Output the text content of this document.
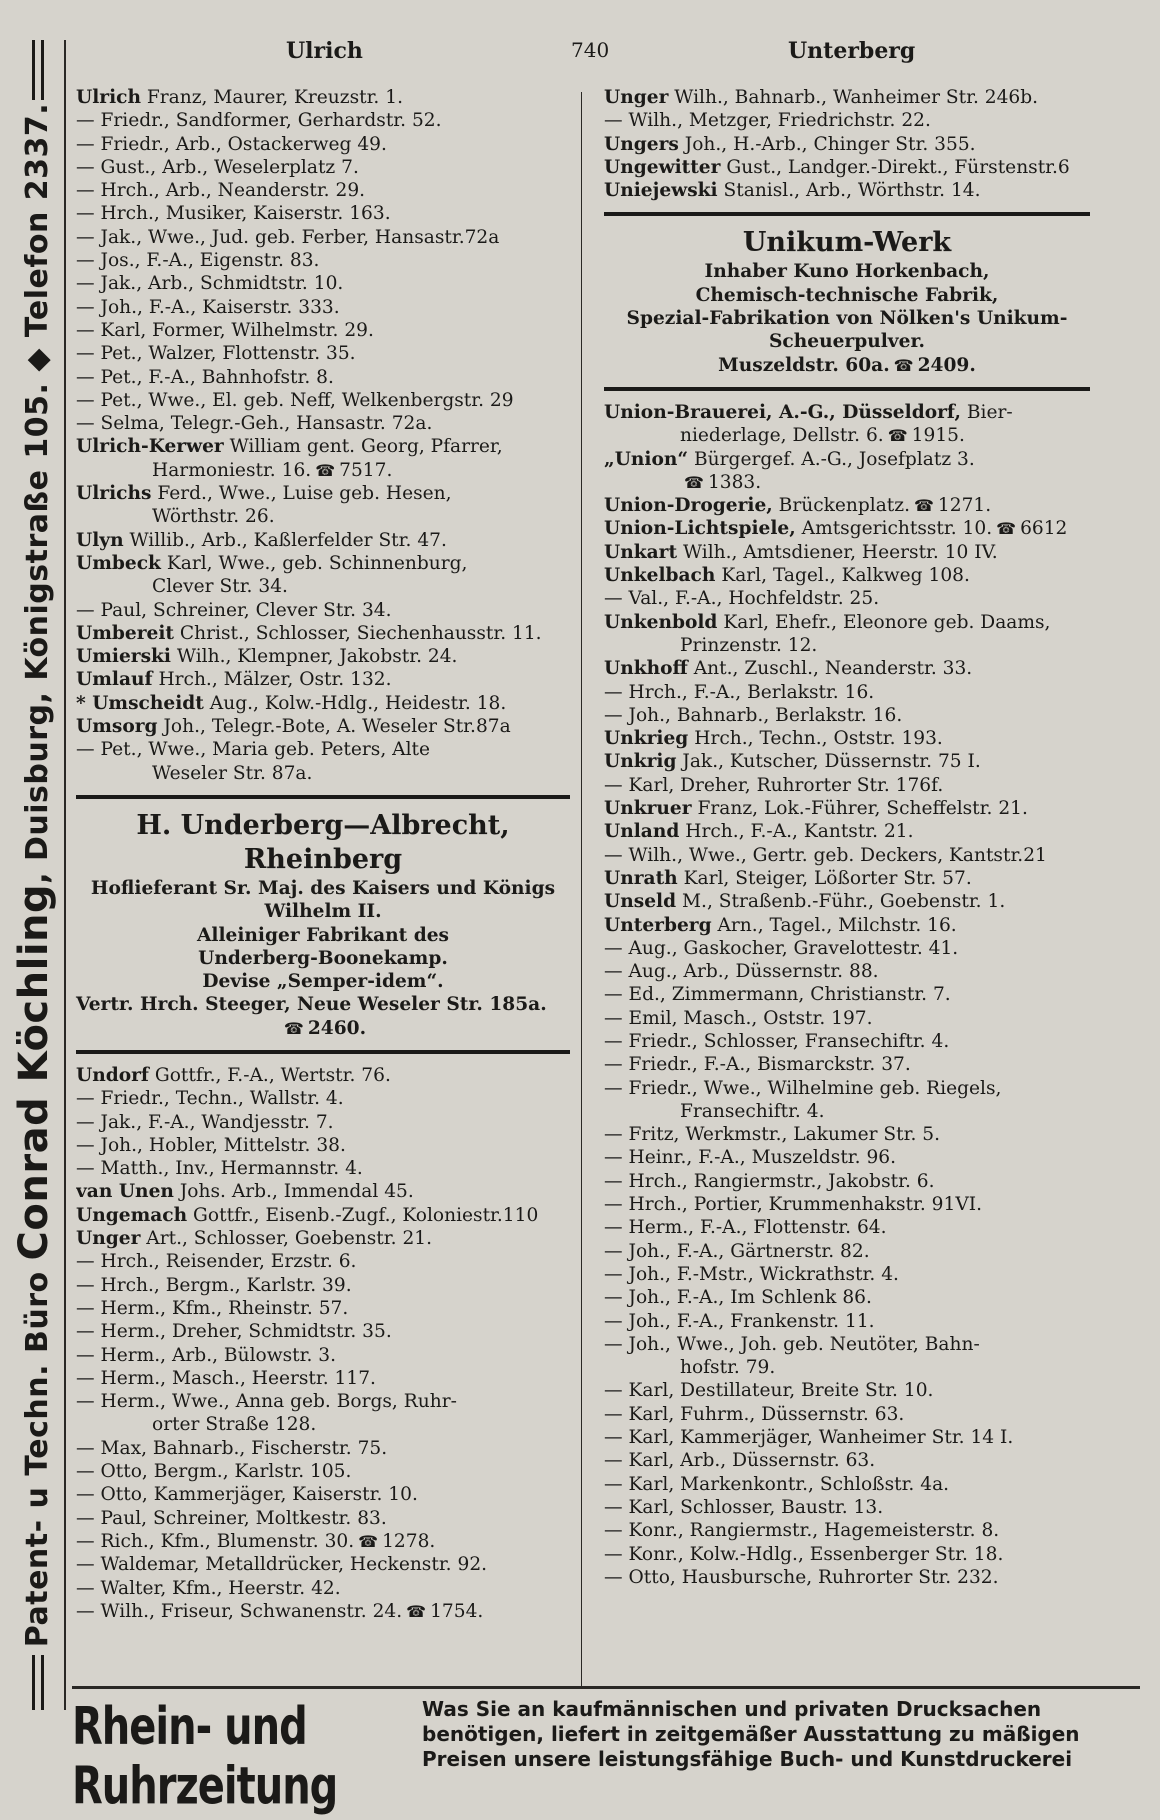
Patent- u Techn. Büro Conrad Köchling, Duisburg, Königstraße 105. ◆ Telefon 2337.
Ulrich	740	Unterberg
Ulrich Franz, Maurer, Kreuzstr. 1.
— Friedr., Sandformer, Gerhardstr. 52.
— Friedr., Arb., Ostackerweg 49.
— Gust., Arb., Weselerplatz 7.
— Hrch., Arb., Neanderstr. 29.
— Hrch., Musiker, Kaiserstr. 163.
— Jak., Wwe., Jud. geb. Ferber, Hansastr.72a
— Jos., F.-A., Eigenstr. 83.
— Jak., Arb., Schmidtstr. 10.
— Joh., F.-A., Kaiserstr. 333.
— Karl, Former, Wilhelmstr. 29.
— Pet., Walzer, Flottenstr. 35.
— Pet., F.-A., Bahnhofstr. 8.
— Pet., Wwe., El. geb. Neff, Welkenbergstr. 29
— Selma, Telegr.-Geh., Hansastr. 72a.
Ulrich-Kerwer William gent. Georg, Pfarrer,
Harmoniestr. 16. ☎ 7517.
Ulrichs Ferd., Wwe., Luise geb. Hesen,
Wörthstr. 26.
Ulyn Willib., Arb., Kaßlerfelder Str. 47.
Umbeck Karl, Wwe., geb. Schinnenburg,
Clever Str. 34.
— Paul, Schreiner, Clever Str. 34.
Umbereit Christ., Schlosser, Siechenhausstr. 11.
Umierski Wilh., Klempner, Jakobstr. 24.
Umlauf Hrch., Mälzer, Ostr. 132.
* Umscheidt Aug., Kolw.-Hdlg., Heidestr. 18.
Umsorg Joh., Telegr.-Bote, A. Weseler Str.87a
— Pet., Wwe., Maria geb. Peters, Alte
Weseler Str. 87a.
H. Underberg—Albrecht, Rheinberg
Hoflieferant Sr. Maj. des Kaisers und Königs
Wilhelm II.
Alleiniger Fabrikant des
Underberg-Boonekamp.
Devise „Semper-idem“.
Vertr. Hrch. Steeger, Neue Weseler Str. 185a.
☎ 2460.
Undorf Gottfr., F.-A., Wertstr. 76.
— Friedr., Techn., Wallstr. 4.
— Jak., F.-A., Wandjesstr. 7.
— Joh., Hobler, Mittelstr. 38.
— Matth., Inv., Hermannstr. 4.
van Unen Johs. Arb., Immendal 45.
Ungemach Gottfr., Eisenb.-Zugf., Koloniestr.110
Unger Art., Schlosser, Goebenstr. 21.
— Hrch., Reisender, Erzstr. 6.
— Hrch., Bergm., Karlstr. 39.
— Herm., Kfm., Rheinstr. 57.
— Herm., Dreher, Schmidtstr. 35.
— Herm., Arb., Bülowstr. 3.
— Herm., Masch., Heerstr. 117.
— Herm., Wwe., Anna geb. Borgs, Ruhr-
orter Straße 128.
— Max, Bahnarb., Fischerstr. 75.
— Otto, Bergm., Karlstr. 105.
— Otto, Kammerjäger, Kaiserstr. 10.
— Paul, Schreiner, Moltkestr. 83.
— Rich., Kfm., Blumenstr. 30. ☎ 1278.
— Waldemar, Metalldrücker, Heckenstr. 92.
— Walter, Kfm., Heerstr. 42.
— Wilh., Friseur, Schwanenstr. 24. ☎ 1754.
Unger Wilh., Bahnarb., Wanheimer Str. 246b.
— Wilh., Metzger, Friedrichstr. 22.
Ungers Joh., H.-Arb., Chinger Str. 355.
Ungewitter Gust., Landger.-Direkt., Fürstenstr.6
Uniejewski Stanisl., Arb., Wörthstr. 14.
Unikum-Werk
Inhaber Kuno Horkenbach,
Chemisch-technische Fabrik,
Spezial-Fabrikation von Nölken's Unikum-
Scheuerpulver.
Muszeldstr. 60a. ☎ 2409.
Union-Brauerei, A.-G., Düsseldorf, Bier-
niederlage, Dellstr. 6. ☎ 1915.
„Union“ Bürgergef. A.-G., Josefplatz 3.
☎ 1383.
Union-Drogerie, Brückenplatz. ☎ 1271.
Union-Lichtspiele, Amtsgerichtsstr. 10. ☎ 6612
Unkart Wilh., Amtsdiener, Heerstr. 10 IV.
Unkelbach Karl, Tagel., Kalkweg 108.
— Val., F.-A., Hochfeldstr. 25.
Unkenbold Karl, Ehefr., Eleonore geb. Daams,
Prinzenstr. 12.
Unkhoff Ant., Zuschl., Neanderstr. 33.
— Hrch., F.-A., Berlakstr. 16.
— Joh., Bahnarb., Berlakstr. 16.
Unkrieg Hrch., Techn., Oststr. 193.
Unkrig Jak., Kutscher, Düssernstr. 75 I.
— Karl, Dreher, Ruhrorter Str. 176f.
Unkruer Franz, Lok.-Führer, Scheffelstr. 21.
Unland Hrch., F.-A., Kantstr. 21.
— Wilh., Wwe., Gertr. geb. Deckers, Kantstr.21
Unrath Karl, Steiger, Lößorter Str. 57.
Unseld M., Straßenb.-Führ., Goebenstr. 1.
Unterberg Arn., Tagel., Milchstr. 16.
— Aug., Gaskocher, Gravelottestr. 41.
— Aug., Arb., Düssernstr. 88.
— Ed., Zimmermann, Christianstr. 7.
— Emil, Masch., Oststr. 197.
— Friedr., Schlosser, Fransechiftr. 4.
— Friedr., F.-A., Bismarckstr. 37.
— Friedr., Wwe., Wilhelmine geb. Riegels,
Fransechiftr. 4.
— Fritz, Werkmstr., Lakumer Str. 5.
— Heinr., F.-A., Muszeldstr. 96.
— Hrch., Rangiermstr., Jakobstr. 6.
— Hrch., Portier, Krummenhakstr. 91VI.
— Herm., F.-A., Flottenstr. 64.
— Joh., F.-A., Gärtnerstr. 82.
— Joh., F.-Mstr., Wickrathstr. 4.
— Joh., F.-A., Im Schlenk 86.
— Joh., F.-A., Frankenstr. 11.
— Joh., Wwe., Joh. geb. Neutöter, Bahn-
hofstr. 79.
— Karl, Destillateur, Breite Str. 10.
— Karl, Fuhrm., Düssernstr. 63.
— Karl, Kammerjäger, Wanheimer Str. 14 I.
— Karl, Arb., Düssernstr. 63.
— Karl, Markenkontr., Schloßstr. 4a.
— Karl, Schlosser, Baustr. 13.
— Konr., Rangiermstr., Hagemeisterstr. 8.
— Konr., Kolw.-Hdlg., Essenberger Str. 18.
— Otto, Hausbursche, Ruhrorter Str. 232.
Rhein- und Ruhrzeitung
Was Sie an kaufmännischen und privaten Drucksachen
benötigen, liefert in zeitgemäßer Ausstattung zu mäßigen
Preisen unsere leistungsfähige Buch- und Kunstdruckerei
